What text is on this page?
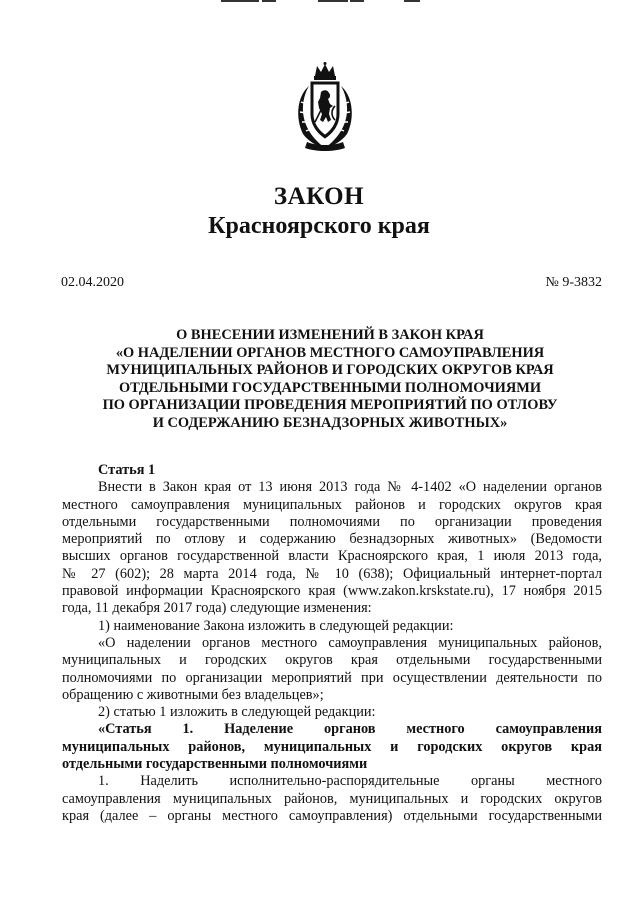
ЗАКОН
Красноярского края
02.04.2020	№ 9-3832
О ВНЕСЕНИИ ИЗМЕНЕНИЙ В ЗАКОН КРАЯ
«О НАДЕЛЕНИИ ОРГАНОВ МЕСТНОГО САМОУПРАВЛЕНИЯ
МУНИЦИПАЛЬНЫХ РАЙОНОВ И ГОРОДСКИХ ОКРУГОВ КРАЯ
ОТДЕЛЬНЫМИ ГОСУДАРСТВЕННЫМИ ПОЛНОМОЧИЯМИ
ПО ОРГАНИЗАЦИИ ПРОВЕДЕНИЯ МЕРОПРИЯТИЙ ПО ОТЛОВУ
И СОДЕРЖАНИЮ БЕЗНАДЗОРНЫХ ЖИВОТНЫХ»
Статья 1
Внести в Закон края от 13 июня 2013 года № 4-1402 «О наделении органов
местного самоуправления муниципальных районов и городских округов края
отдельными государственными полномочиями по организации проведения
мероприятий по отлову и содержанию безнадзорных животных» (Ведомости
высших органов государственной власти Красноярского края, 1 июля 2013 года,
№ 27 (602); 28 марта 2014 года, № 10 (638); Официальный интернет-портал
правовой информации Красноярского края (www.zakon.krskstate.ru), 17 ноября 2015
года, 11 декабря 2017 года) следующие изменения:
1) наименование Закона изложить в следующей редакции:
«О наделении органов местного самоуправления муниципальных районов,
муниципальных и городских округов края отдельными государственными
полномочиями по организации мероприятий при осуществлении деятельности по
обращению с животными без владельцев»;
2) статью 1 изложить в следующей редакции:
«Статья 1. Наделение органов местного самоуправления
муниципальных районов, муниципальных и городских округов края
отдельными государственными полномочиями
1. Наделить исполнительно-распорядительные органы местного
самоуправления муниципальных районов, муниципальных и городских округов
края (далее – органы местного самоуправления) отдельными государственными
